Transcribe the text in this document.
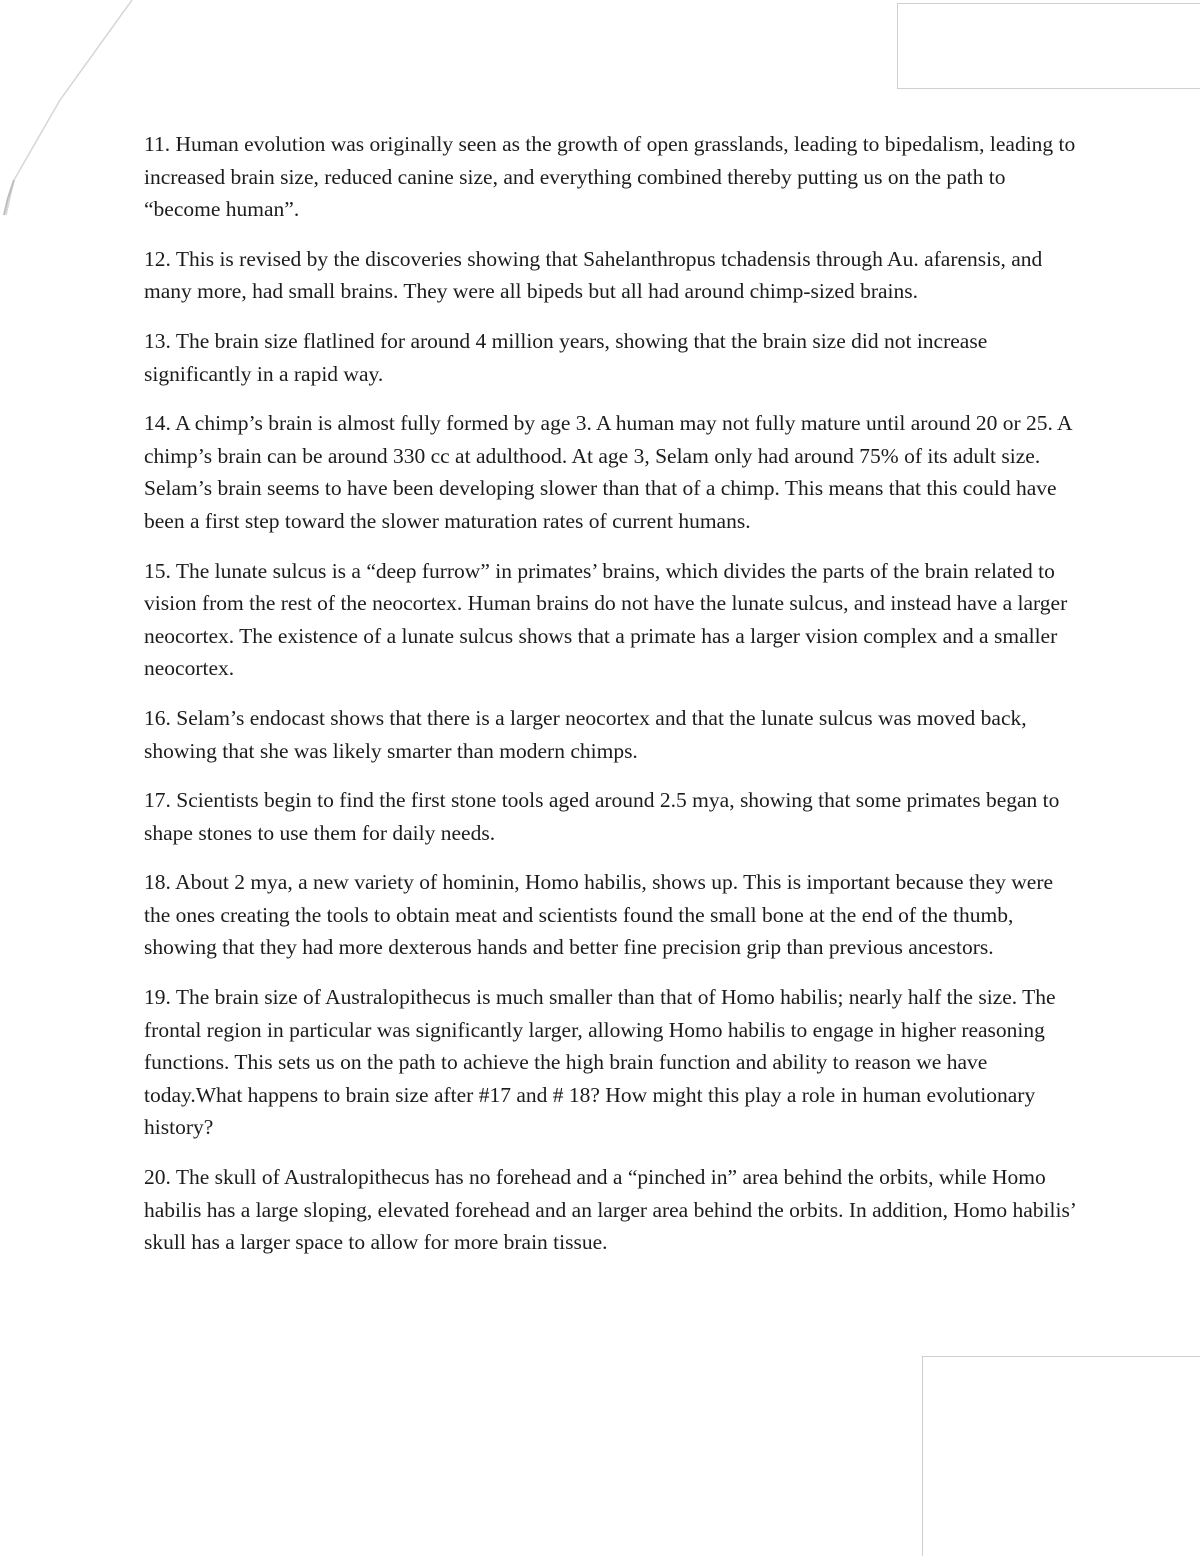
11. Human evolution was originally seen as the growth of open grasslands, leading to bipedalism, leading to increased brain size, reduced canine size, and everything combined thereby putting us on the path to “become human”.

12. This is revised by the discoveries showing that Sahelanthropus tchadensis through Au. afarensis, and many more, had small brains. They were all bipeds but all had around chimp-sized brains.

13. The brain size flatlined for around 4 million years, showing that the brain size did not increase significantly in a rapid way.

14. A chimp’s brain is almost fully formed by age 3. A human may not fully mature until around 20 or 25. A chimp’s brain can be around 330 cc at adulthood. At age 3, Selam only had around 75% of its adult size. Selam’s brain seems to have been developing slower than that of a chimp. This means that this could have been a first step toward the slower maturation rates of current humans.

15. The lunate sulcus is a “deep furrow” in primates’ brains, which divides the parts of the brain related to vision from the rest of the neocortex. Human brains do not have the lunate sulcus, and instead have a larger neocortex. The existence of a lunate sulcus shows that a primate has a larger vision complex and a smaller neocortex.

16. Selam’s endocast shows that there is a larger neocortex and that the lunate sulcus was moved back, showing that she was likely smarter than modern chimps.

17. Scientists begin to find the first stone tools aged around 2.5 mya, showing that some primates began to shape stones to use them for daily needs.

18. About 2 mya, a new variety of hominin, Homo habilis, shows up. This is important because they were the ones creating the tools to obtain meat and scientists found the small bone at the end of the thumb, showing that they had more dexterous hands and better fine precision grip than previous ancestors.

19. The brain size of Australopithecus is much smaller than that of Homo habilis; nearly half the size. The frontal region in particular was significantly larger, allowing Homo habilis to engage in higher reasoning functions. This sets us on the path to achieve the high brain function and ability to reason we have today.What happens to brain size after #17 and # 18? How might this play a role in human evolutionary history?

20. The skull of Australopithecus has no forehead and a “pinched in” area behind the orbits, while Homo habilis has a large sloping, elevated forehead and an larger area behind the orbits. In addition, Homo habilis’ skull has a larger space to allow for more brain tissue.
